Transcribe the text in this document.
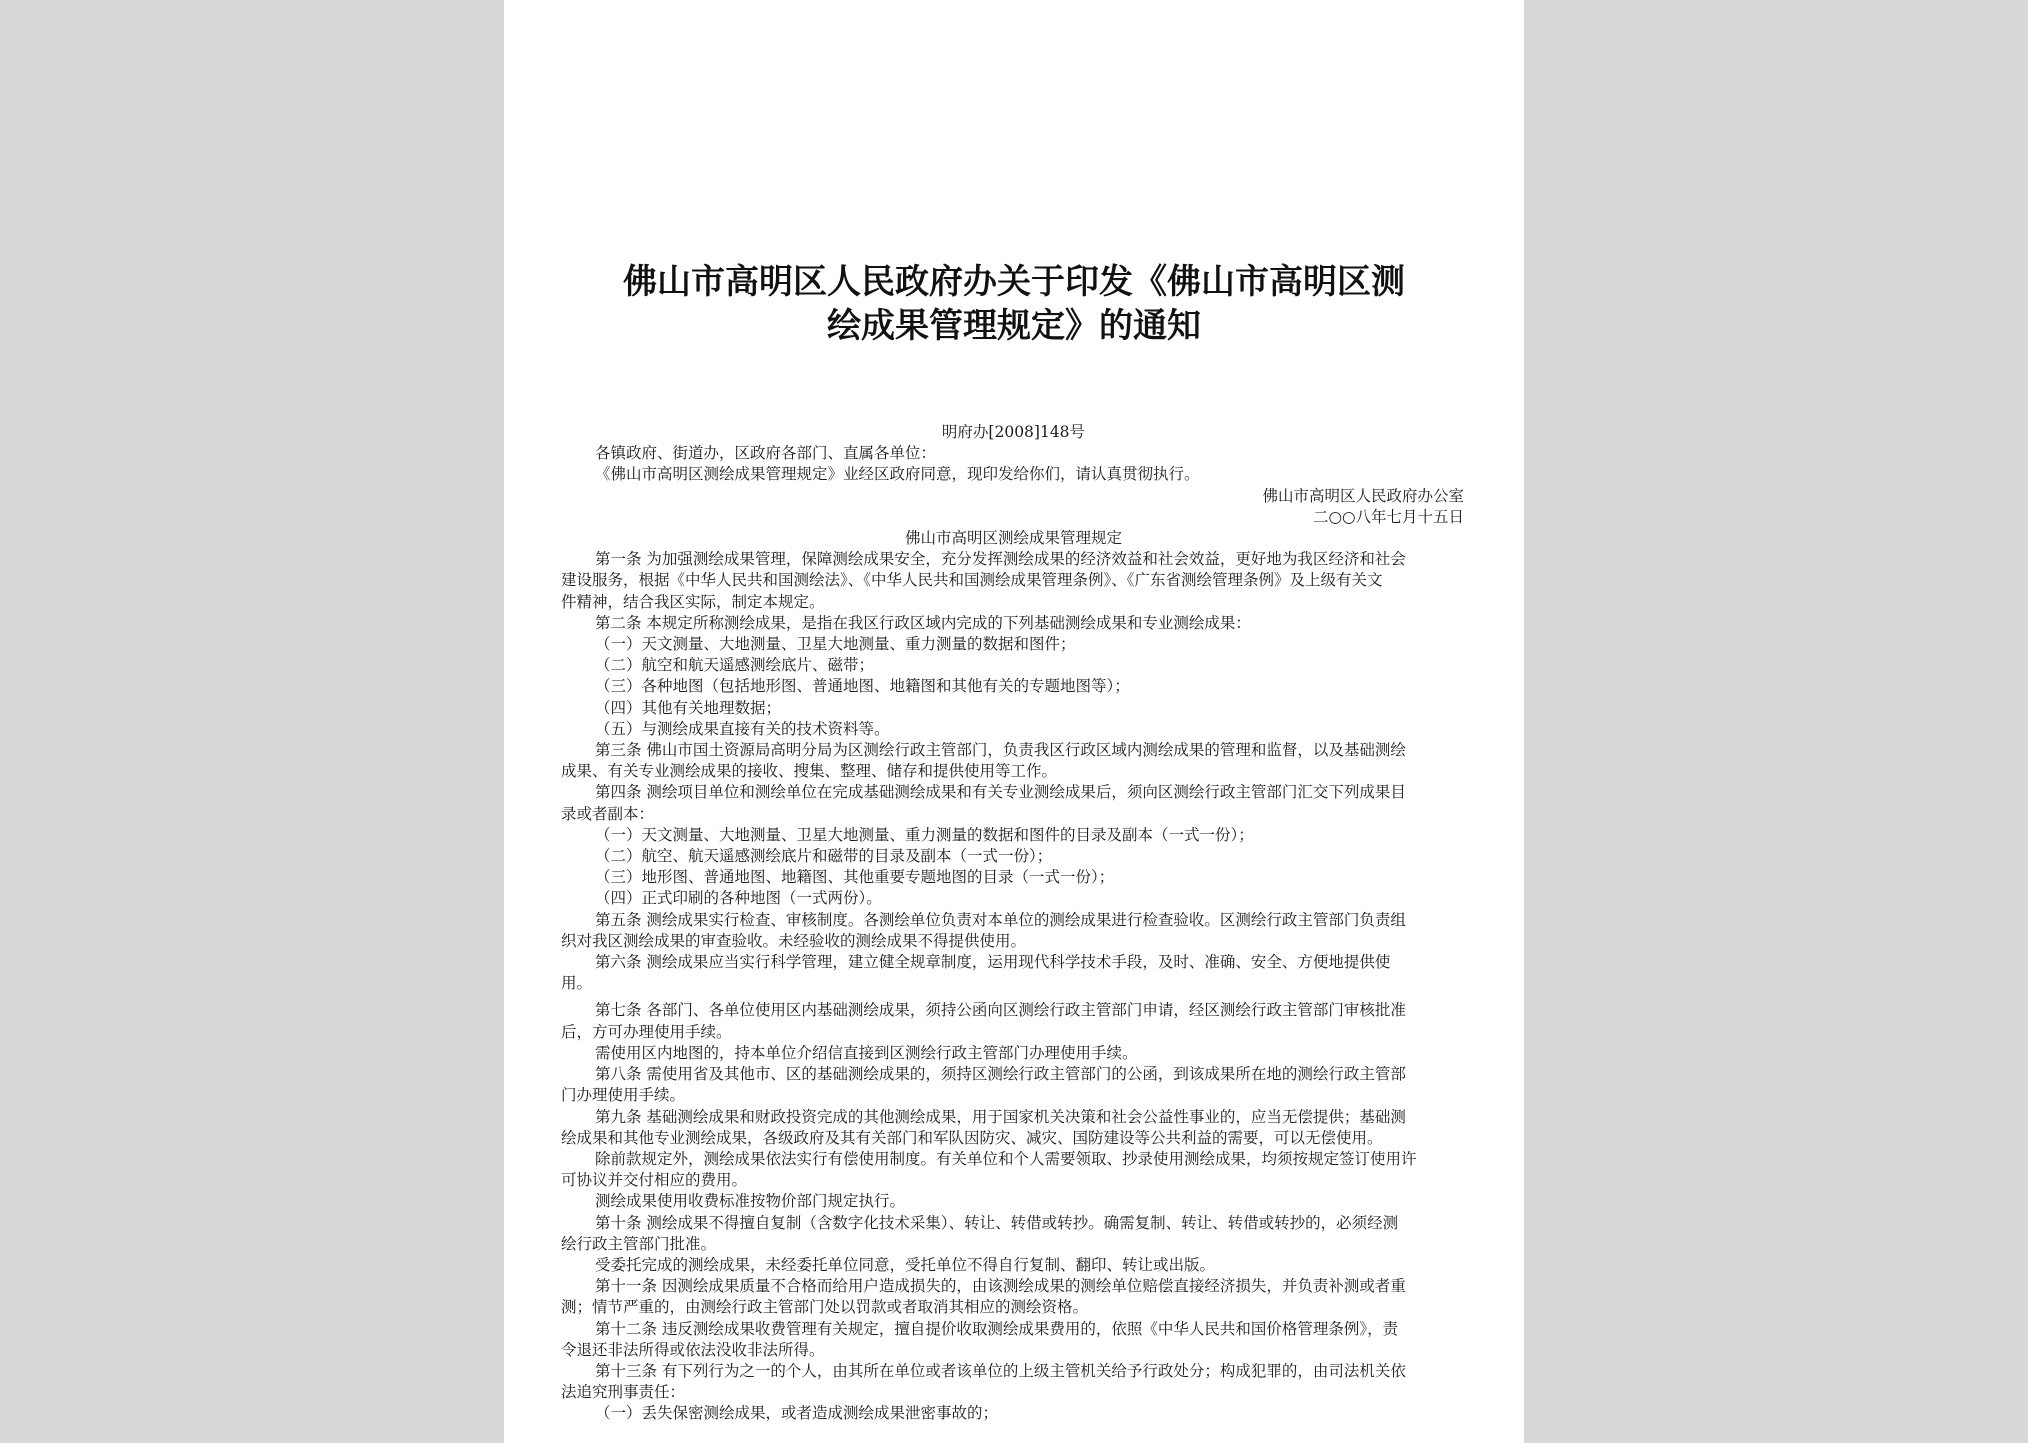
佛山市高明区人民政府办关于印发《佛山市高明区测
绘成果管理规定》的通知

明府办[2008]148号

各镇政府、街道办，区政府各部门、直属各单位：

《佛山市高明区测绘成果管理规定》业经区政府同意，现印发给你们，请认真贯彻执行。

佛山市高明区人民政府办公室

二○○八年七月十五日

佛山市高明区测绘成果管理规定

第一条 为加强测绘成果管理，保障测绘成果安全，充分发挥测绘成果的经济效益和社会效益，更好地为我区经济和社会

建设服务，根据《中华人民共和国测绘法》、《中华人民共和国测绘成果管理条例》、《广东省测绘管理条例》及上级有关文

件精神，结合我区实际，制定本规定。

第二条 本规定所称测绘成果，是指在我区行政区域内完成的下列基础测绘成果和专业测绘成果：

（一）天文测量、大地测量、卫星大地测量、重力测量的数据和图件；

（二）航空和航天遥感测绘底片、磁带；

（三）各种地图（包括地形图、普通地图、地籍图和其他有关的专题地图等）；

（四）其他有关地理数据；

（五）与测绘成果直接有关的技术资料等。

第三条 佛山市国土资源局高明分局为区测绘行政主管部门，负责我区行政区域内测绘成果的管理和监督，以及基础测绘

成果、有关专业测绘成果的接收、搜集、整理、储存和提供使用等工作。

第四条 测绘项目单位和测绘单位在完成基础测绘成果和有关专业测绘成果后，须向区测绘行政主管部门汇交下列成果目

录或者副本：

（一）天文测量、大地测量、卫星大地测量、重力测量的数据和图件的目录及副本（一式一份）；

（二）航空、航天遥感测绘底片和磁带的目录及副本（一式一份）；

（三）地形图、普通地图、地籍图、其他重要专题地图的目录（一式一份）；

（四）正式印刷的各种地图（一式两份）。

第五条 测绘成果实行检查、审核制度。各测绘单位负责对本单位的测绘成果进行检查验收。区测绘行政主管部门负责组

织对我区测绘成果的审查验收。未经验收的测绘成果不得提供使用。

第六条 测绘成果应当实行科学管理，建立健全规章制度，运用现代科学技术手段，及时、准确、安全、方便地提供使

用。

第七条 各部门、各单位使用区内基础测绘成果，须持公函向区测绘行政主管部门申请，经区测绘行政主管部门审核批准

后，方可办理使用手续。

需使用区内地图的，持本单位介绍信直接到区测绘行政主管部门办理使用手续。

第八条 需使用省及其他市、区的基础测绘成果的，须持区测绘行政主管部门的公函，到该成果所在地的测绘行政主管部

门办理使用手续。

第九条 基础测绘成果和财政投资完成的其他测绘成果，用于国家机关决策和社会公益性事业的，应当无偿提供；基础测

绘成果和其他专业测绘成果，各级政府及其有关部门和军队因防灾、减灾、国防建设等公共利益的需要，可以无偿使用。

除前款规定外，测绘成果依法实行有偿使用制度。有关单位和个人需要领取、抄录使用测绘成果，均须按规定签订使用许

可协议并交付相应的费用。

测绘成果使用收费标准按物价部门规定执行。

第十条 测绘成果不得擅自复制（含数字化技术采集）、转让、转借或转抄。确需复制、转让、转借或转抄的，必须经测

绘行政主管部门批准。

受委托完成的测绘成果，未经委托单位同意，受托单位不得自行复制、翻印、转让或出版。

第十一条 因测绘成果质量不合格而给用户造成损失的，由该测绘成果的测绘单位赔偿直接经济损失，并负责补测或者重

测；情节严重的，由测绘行政主管部门处以罚款或者取消其相应的测绘资格。

第十二条 违反测绘成果收费管理有关规定，擅自提价收取测绘成果费用的，依照《中华人民共和国价格管理条例》，责

令退还非法所得或依法没收非法所得。

第十三条 有下列行为之一的个人，由其所在单位或者该单位的上级主管机关给予行政处分；构成犯罪的，由司法机关依

法追究刑事责任：

（一）丢失保密测绘成果，或者造成测绘成果泄密事故的；
